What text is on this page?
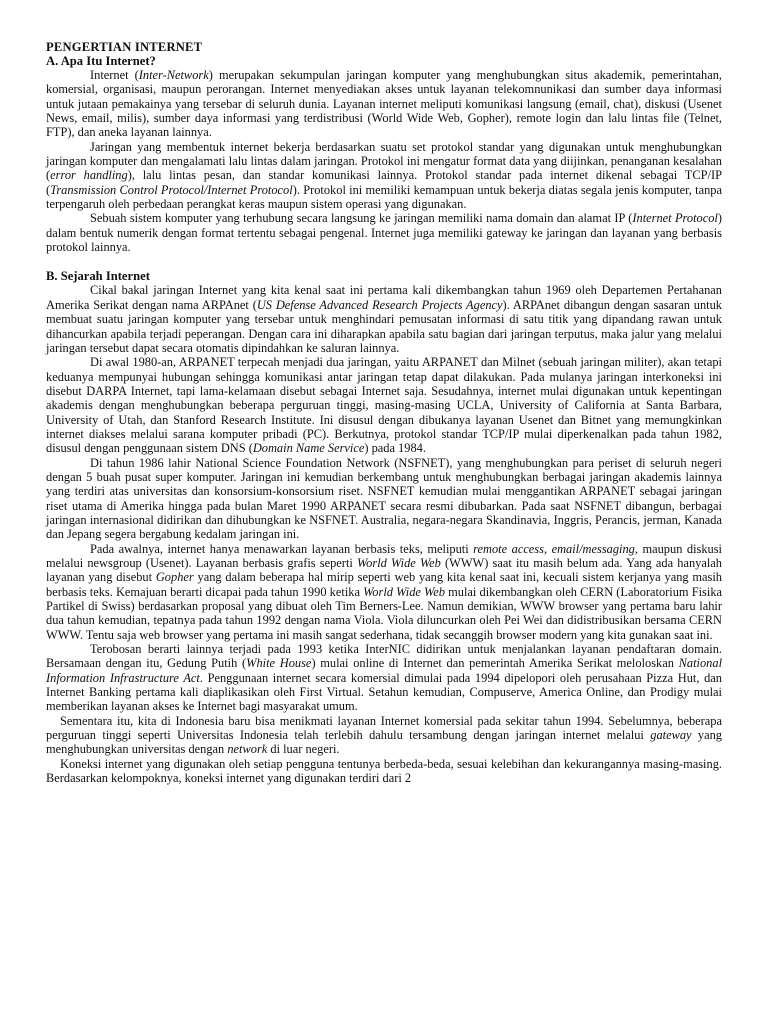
PENGERTIAN INTERNET
A. Apa Itu Internet?

Internet (Inter-Network) merupakan sekumpulan jaringan komputer yang menghubungkan situs akademik, pemerintahan, komersial, organisasi, maupun perorangan. Internet menyediakan akses untuk layanan telekomnunikasi dan sumber daya informasi untuk jutaan pemakainya yang tersebar di seluruh dunia. Layanan internet meliputi komunikasi langsung (email, chat), diskusi (Usenet News, email, milis), sumber daya informasi yang terdistribusi (World Wide Web, Gopher), remote login dan lalu lintas file (Telnet, FTP), dan aneka layanan lainnya.

Jaringan yang membentuk internet bekerja berdasarkan suatu set protokol standar yang digunakan untuk menghubungkan jaringan komputer dan mengalamati lalu lintas dalam jaringan. Protokol ini mengatur format data yang diijinkan, penanganan kesalahan (error handling), lalu lintas pesan, dan standar komunikasi lainnya. Protokol standar pada internet dikenal sebagai TCP/IP (Transmission Control Protocol/Internet Protocol). Protokol ini memiliki kemampuan untuk bekerja diatas segala jenis komputer, tanpa terpengaruh oleh perbedaan perangkat keras maupun sistem operasi yang digunakan.

Sebuah sistem komputer yang terhubung secara langsung ke jaringan memiliki nama domain dan alamat IP (Internet Protocol) dalam bentuk numerik dengan format tertentu sebagai pengenal. Internet juga memiliki gateway ke jaringan dan layanan yang berbasis protokol lainnya.

B. Sejarah Internet

Cikal bakal jaringan Internet yang kita kenal saat ini pertama kali dikembangkan tahun 1969 oleh Departemen Pertahanan Amerika Serikat dengan nama ARPAnet (US Defense Advanced Research Projects Agency). ARPAnet dibangun dengan sasaran untuk membuat suatu jaringan komputer yang tersebar untuk menghindari pemusatan informasi di satu titik yang dipandang rawan untuk dihancurkan apabila terjadi peperangan. Dengan cara ini diharapkan apabila satu bagian dari jaringan terputus, maka jalur yang melalui jaringan tersebut dapat secara otomatis dipindahkan ke saluran lainnya.

Di awal 1980-an, ARPANET terpecah menjadi dua jaringan, yaitu ARPANET dan Milnet (sebuah jaringan militer), akan tetapi keduanya mempunyai hubungan sehingga komunikasi antar jaringan tetap dapat dilakukan. Pada mulanya jaringan interkoneksi ini disebut DARPA Internet, tapi lama-kelamaan disebut sebagai Internet saja. Sesudahnya, internet mulai digunakan untuk kepentingan akademis dengan menghubungkan beberapa perguruan tinggi, masing-masing UCLA, University of California at Santa Barbara, University of Utah, dan Stanford Research Institute. Ini disusul dengan dibukanya layanan Usenet dan Bitnet yang memungkinkan internet diakses melalui sarana komputer pribadi (PC). Berkutnya, protokol standar TCP/IP mulai diperkenalkan pada tahun 1982, disusul dengan penggunaan sistem DNS (Domain Name Service) pada 1984.

Di tahun 1986 lahir National Science Foundation Network (NSFNET), yang menghubungkan para periset di seluruh negeri dengan 5 buah pusat super komputer. Jaringan ini kemudian berkembang untuk menghubungkan berbagai jaringan akademis lainnya yang terdiri atas universitas dan konsorsium-konsorsium riset. NSFNET kemudian mulai menggantikan ARPANET sebagai jaringan riset utama di Amerika hingga pada bulan Maret 1990 ARPANET secara resmi dibubarkan. Pada saat NSFNET dibangun, berbagai jaringan internasional didirikan dan dihubungkan ke NSFNET. Australia, negara-negara Skandinavia, Inggris, Perancis, jerman, Kanada dan Jepang segera bergabung kedalam jaringan ini.

Pada awalnya, internet hanya menawarkan layanan berbasis teks, meliputi remote access, email/messaging, maupun diskusi melalui newsgroup (Usenet). Layanan berbasis grafis seperti World Wide Web (WWW) saat itu masih belum ada. Yang ada hanyalah layanan yang disebut Gopher yang dalam beberapa hal mirip seperti web yang kita kenal saat ini, kecuali sistem kerjanya yang masih berbasis teks. Kemajuan berarti dicapai pada tahun 1990 ketika World Wide Web mulai dikembangkan oleh CERN (Laboratorium Fisika Partikel di Swiss) berdasarkan proposal yang dibuat oleh Tim Berners-Lee. Namun demikian, WWW browser yang pertama baru lahir dua tahun kemudian, tepatnya pada tahun 1992 dengan nama Viola. Viola diluncurkan oleh Pei Wei dan didistribusikan bersama CERN WWW. Tentu saja web browser yang pertama ini masih sangat sederhana, tidak secanggih browser modern yang kita gunakan saat ini.

Terobosan berarti lainnya terjadi pada 1993 ketika InterNIC didirikan untuk menjalankan layanan pendaftaran domain. Bersamaan dengan itu, Gedung Putih (White House) mulai online di Internet dan pemerintah Amerika Serikat meloloskan National Information Infrastructure Act. Penggunaan internet secara komersial dimulai pada 1994 dipelopori oleh perusahaan Pizza Hut, dan Internet Banking pertama kali diaplikasikan oleh First Virtual. Setahun kemudian, Compuserve, America Online, dan Prodigy mulai memberikan layanan akses ke Internet bagi masyarakat umum.

Sementara itu, kita di Indonesia baru bisa menikmati layanan Internet komersial pada sekitar tahun 1994. Sebelumnya, beberapa perguruan tinggi seperti Universitas Indonesia telah terlebih dahulu tersambung dengan jaringan internet melalui gateway yang menghubungkan universitas dengan network di luar negeri.

Koneksi internet yang digunakan oleh setiap pengguna tentunya berbeda-beda, sesuai kelebihan dan kekurangannya masing-masing. Berdasarkan kelompoknya, koneksi internet yang digunakan terdiri dari 2
